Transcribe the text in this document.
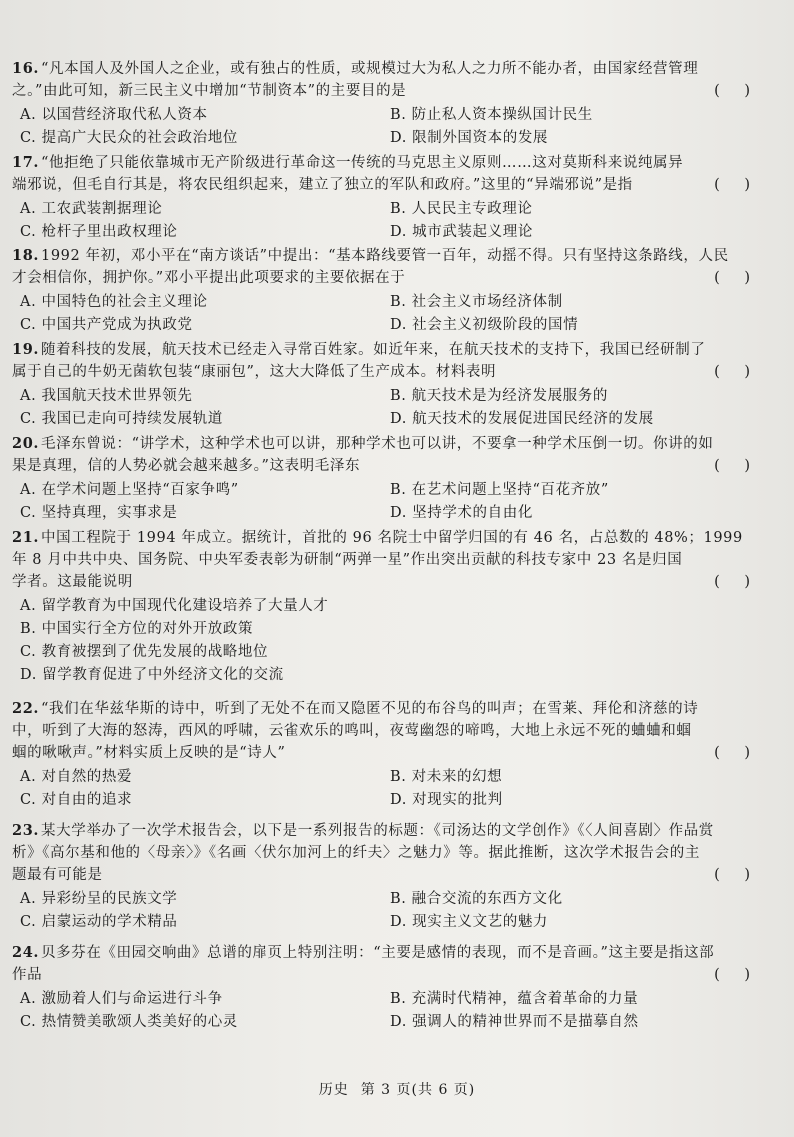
16. “凡本国人及外国人之企业，或有独占的性质，或规模过大为私人之力所不能办者，由国家经营管理
之。”由此可知，新三民主义中增加“节制资本”的主要目的是	( )
A. 以国营经济取代私人资本	B. 防止私人资本操纵国计民生
C. 提高广大民众的社会政治地位	D. 限制外国资本的发展
17. “他拒绝了只能依靠城市无产阶级进行革命这一传统的马克思主义原则……这对莫斯科来说纯属异
端邪说，但毛自行其是，将农民组织起来，建立了独立的军队和政府。”这里的“异端邪说”是指	( )
A. 工农武装割据理论	B. 人民民主专政理论
C. 枪杆子里出政权理论	D. 城市武装起义理论
18. 1992 年初，邓小平在“南方谈话”中提出：“基本路线要管一百年，动摇不得。只有坚持这条路线，人民
才会相信你，拥护你。”邓小平提出此项要求的主要依据在于	( )
A. 中国特色的社会主义理论	B. 社会主义市场经济体制
C. 中国共产党成为执政党	D. 社会主义初级阶段的国情
19. 随着科技的发展，航天技术已经走入寻常百姓家。如近年来，在航天技术的支持下，我国已经研制了
属于自己的牛奶无菌软包装“康丽包”，这大大降低了生产成本。材料表明	( )
A. 我国航天技术世界领先	B. 航天技术是为经济发展服务的
C. 我国已走向可持续发展轨道	D. 航天技术的发展促进国民经济的发展
20. 毛泽东曾说：“讲学术，这种学术也可以讲，那种学术也可以讲，不要拿一种学术压倒一切。你讲的如
果是真理，信的人势必就会越来越多。”这表明毛泽东	( )
A. 在学术问题上坚持“百家争鸣”	B. 在艺术问题上坚持“百花齐放”
C. 坚持真理，实事求是	D. 坚持学术的自由化
21. 中国工程院于 1994 年成立。据统计，首批的 96 名院士中留学归国的有 46 名，占总数的 48%；1999
年 8 月中共中央、国务院、中央军委表彰为研制“两弹一星”作出突出贡献的科技专家中 23 名是归国
学者。这最能说明	( )
A. 留学教育为中国现代化建设培养了大量人才
B. 中国实行全方位的对外开放政策
C. 教育被摆到了优先发展的战略地位
D. 留学教育促进了中外经济文化的交流
22. “我们在华兹华斯的诗中，听到了无处不在而又隐匿不见的布谷鸟的叫声；在雪莱、拜伦和济慈的诗
中，听到了大海的怒涛，西风的呼啸，云雀欢乐的鸣叫，夜莺幽怨的啼鸣，大地上永远不死的蛐蛐和蝈
蝈的啾啾声。”材料实质上反映的是“诗人”	( )
A. 对自然的热爱	B. 对未来的幻想
C. 对自由的追求	D. 对现实的批判
23. 某大学举办了一次学术报告会，以下是一系列报告的标题：《司汤达的文学创作》《〈人间喜剧〉作品赏
析》《高尔基和他的〈母亲〉》《名画〈伏尔加河上的纤夫〉之魅力》等。据此推断，这次学术报告会的主
题最有可能是	( )
A. 异彩纷呈的民族文学	B. 融合交流的东西方文化
C. 启蒙运动的学术精品	D. 现实主义文艺的魅力
24. 贝多芬在《田园交响曲》总谱的扉页上特别注明：“主要是感情的表现，而不是音画。”这主要是指这部
作品	( )
A. 激励着人们与命运进行斗争	B. 充满时代精神，蕴含着革命的力量
C. 热情赞美歌颂人类美好的心灵	D. 强调人的精神世界而不是描摹自然
历史 第 3 页(共 6 页)
